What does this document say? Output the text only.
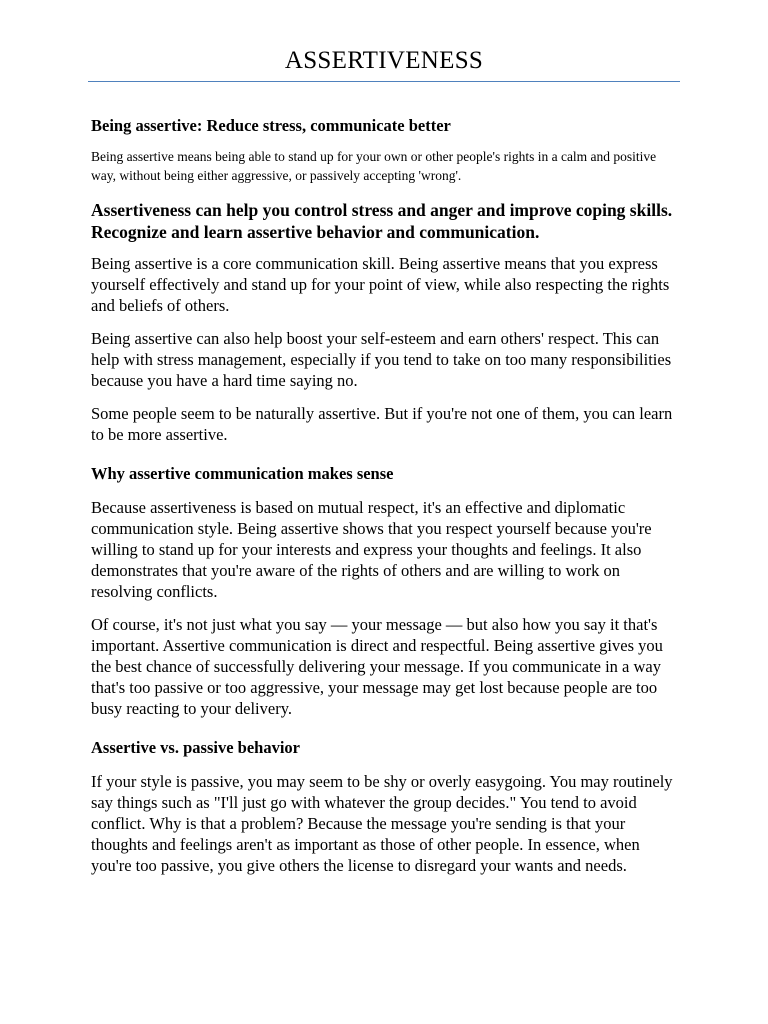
ASSERTIVENESS
Being assertive: Reduce stress, communicate better

Being assertive means being able to stand up for your own or other people's rights in a calm and positive way, without being either aggressive, or passively accepting 'wrong'.

Assertiveness can help you control stress and anger and improve coping skills. Recognize and learn assertive behavior and communication.

Being assertive is a core communication skill. Being assertive means that you express yourself effectively and stand up for your point of view, while also respecting the rights and beliefs of others.

Being assertive can also help boost your self-esteem and earn others' respect. This can help with stress management, especially if you tend to take on too many responsibilities because you have a hard time saying no.

Some people seem to be naturally assertive. But if you're not one of them, you can learn to be more assertive.

Why assertive communication makes sense

Because assertiveness is based on mutual respect, it's an effective and diplomatic communication style. Being assertive shows that you respect yourself because you're willing to stand up for your interests and express your thoughts and feelings. It also demonstrates that you're aware of the rights of others and are willing to work on resolving conflicts.

Of course, it's not just what you say — your message — but also how you say it that's important. Assertive communication is direct and respectful. Being assertive gives you the best chance of successfully delivering your message. If you communicate in a way that's too passive or too aggressive, your message may get lost because people are too busy reacting to your delivery.

Assertive vs. passive behavior

If your style is passive, you may seem to be shy or overly easygoing. You may routinely say things such as "I'll just go with whatever the group decides." You tend to avoid conflict. Why is that a problem? Because the message you're sending is that your thoughts and feelings aren't as important as those of other people. In essence, when you're too passive, you give others the license to disregard your wants and needs.
